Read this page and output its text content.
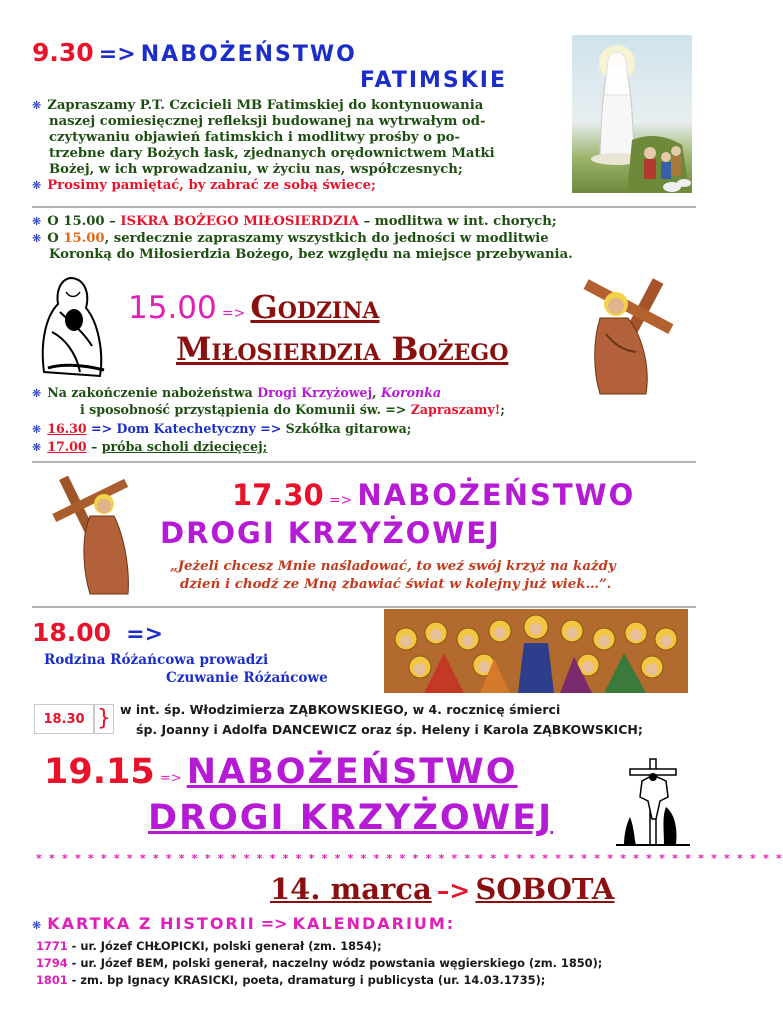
9.30 => NABOŻEŃSTWO
FATIMSKIE
❋ Zapraszamy P.T. Czcicieli MB Fatimskiej do kontynuowania
naszej comiesięcznej refleksji budowanej na wytrwałym od-
czytywaniu objawień fatimskich i modlitwy prośby o po-
trzebne dary Bożych łask, zjednanych orędownictwem Matki
Bożej, w ich wprowadzaniu, w życiu nas, współczesnych;
❋ Prosimy pamiętać, by zabrać ze sobą świece;
❋ O 15.00 – ISKRA BOŻEGO MIŁOSIERDZIA – modlitwa w int. chorych;
❋ O 15.00, serdecznie zapraszamy wszystkich do jedności w modlitwie
Koronką do Miłosierdzia Bożego, bez względu na miejsce przebywania.
15.00 => Godzina
Miłosierdzia Bożego
❋ Na zakończenie nabożeństwa Drogi Krzyżowej, Koronka
i sposobność przystąpienia do Komunii św. => Zapraszamy!;
❋ 16.30 => Dom Katechetyczny => Szkółka gitarowa;
❋ 17.00 – próba scholi dziecięcej;
17.30 => NABOŻEŃSTWO
DROGI KRZYŻOWEJ
„Jeżeli chcesz Mnie naśladować, to weź swój krzyż na każdy
dzień i chodź ze Mną zbawiać świat w kolejny już wiek…”.
18.00 =>
Rodzina Różańcowa prowadzi
Czuwanie Różańcowe
18.30 } w int. śp. Włodzimierza ZĄBKOWSKIEGO, w 4. rocznicę śmierci
śp. Joanny i Adolfa DANCEWICZ oraz śp. Heleny i Karola ZĄBKOWSKICH;
19.15 => NABOŻEŃSTWO
DROGI KRZYŻOWEJ
* * * * * * * * * * * * * * * * * * * * * * * * * * * * * * * * * * * * * * * * * * * * * * * * * * * * * * * * * *
14. marca –> SOBOTA
❋ KARTKA Z HISTORII => KALENDARIUM:
1771 - ur. Józef CHŁOPICKI, polski generał (zm. 1854);
1794 - ur. Józef BEM, polski generał, naczelny wódz powstania węgierskiego (zm. 1850);
1801 - zm. bp Ignacy KRASICKI, poeta, dramaturg i publicysta (ur. 14.03.1735);
